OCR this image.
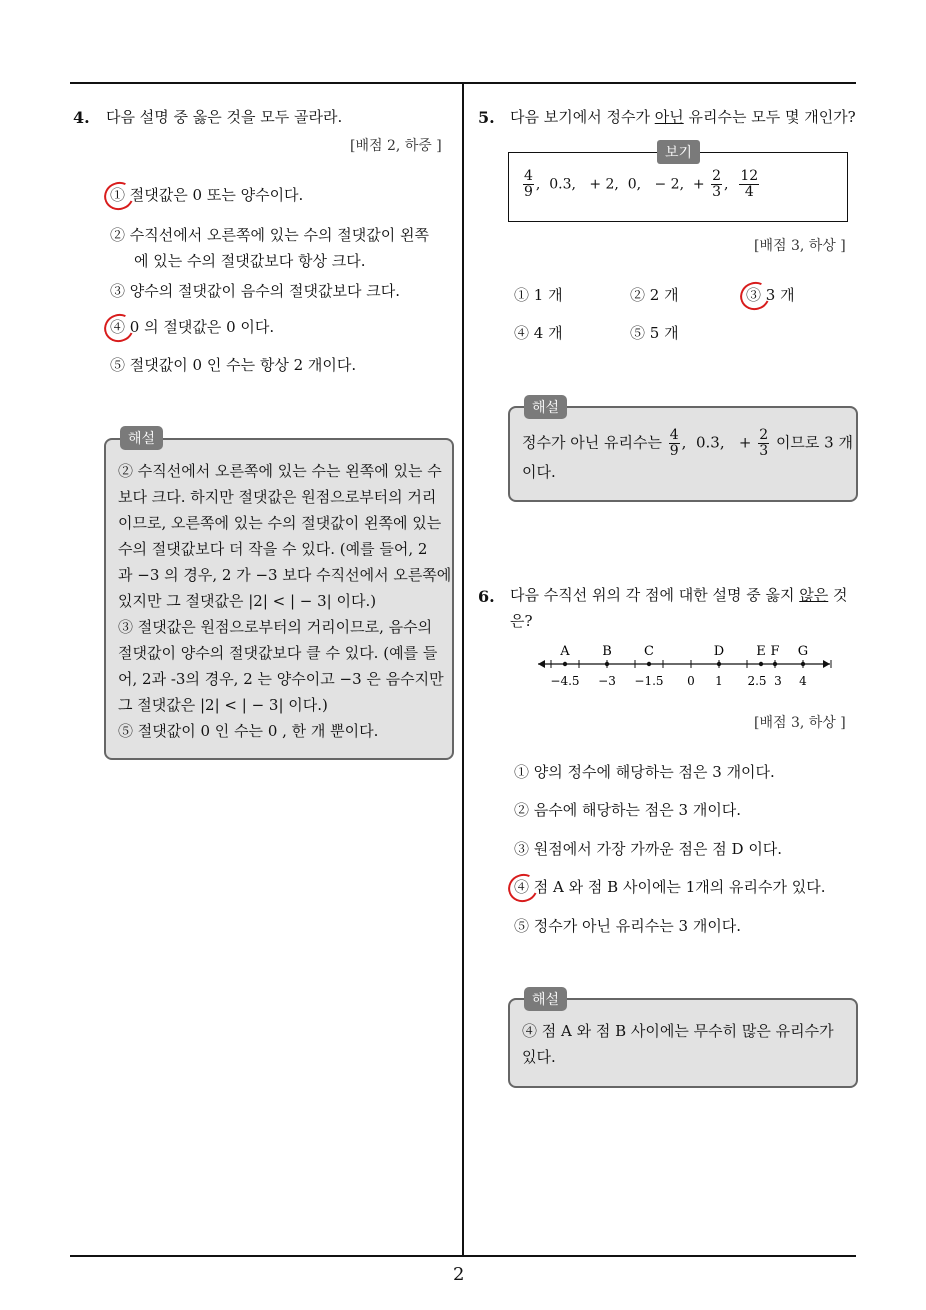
4. 다음 설명 중 옳은 것을 모두 골라라.
[배점 2, 하중 ]
① 절댓값은 0 또는 양수이다.
② 수직선에서 오른쪽에 있는 수의 절댓값이 왼쪽
에 있는 수의 절댓값보다 항상 크다.
③ 양수의 절댓값이 음수의 절댓값보다 크다.
④ 0 의 절댓값은 0 이다.
⑤ 절댓값이 0 인 수는 항상 2 개이다.
② 수직선에서 오른쪽에 있는 수는 왼쪽에 있는 수
보다 크다. 하지만 절댓값은 원점으로부터의 거리
이므로, 오른쪽에 있는 수의 절댓값이 왼쪽에 있는
수의 절댓값보다 더 작을 수 있다. (예를 들어, 2
과 −3 의 경우, 2 가 −3 보다 수직선에서 오른쪽에
있지만 그 절댓값은 |2| < | − 3| 이다.)
③ 절댓값은 원점으로부터의 거리이므로, 음수의
절댓값이 양수의 절댓값보다 클 수 있다. (예를 들
어, 2과 -3의 경우, 2 는 양수이고 −3 은 음수지만
그 절댓값은 |2| < | − 3| 이다.)
⑤ 절댓값이 0 인 수는 0 , 한 개 뿐이다.
해설
5. 다음 보기에서 정수가 아닌 유리수는 모두 몇 개인가?
$\frac{4}{9}$ ,  0.3,   + 2,  0,   − 2,  + $\frac{2}{3}$ , $\frac{12}{4}$
보기
[배점 3, 하상 ]
① 1 개	② 2 개	③ 3 개
④ 4 개	⑤ 5 개
정수가 아닌 유리수는 $\frac{4}{9}$ ,  0.3,   + $\frac{2}{3}$ 이므로 3 개
이다.
해설
6. 다음 수직선 위의 각 점에 대한 설명 중 옳지 않은 것
은?
A	B C	D E F G
−4.5 −3 −1.5 0 1 2.5 3 4
[배점 3, 하상 ]
① 양의 정수에 해당하는 점은 3 개이다.
② 음수에 해당하는 점은 3 개이다.
③ 원점에서 가장 가까운 점은 점 D 이다.
④ 점 A 와 점 B 사이에는 1개의 유리수가 있다.
⑤ 정수가 아닌 유리수는 3 개이다.
④ 점 A 와 점 B 사이에는 무수히 많은 유리수가
있다.
해설
2
